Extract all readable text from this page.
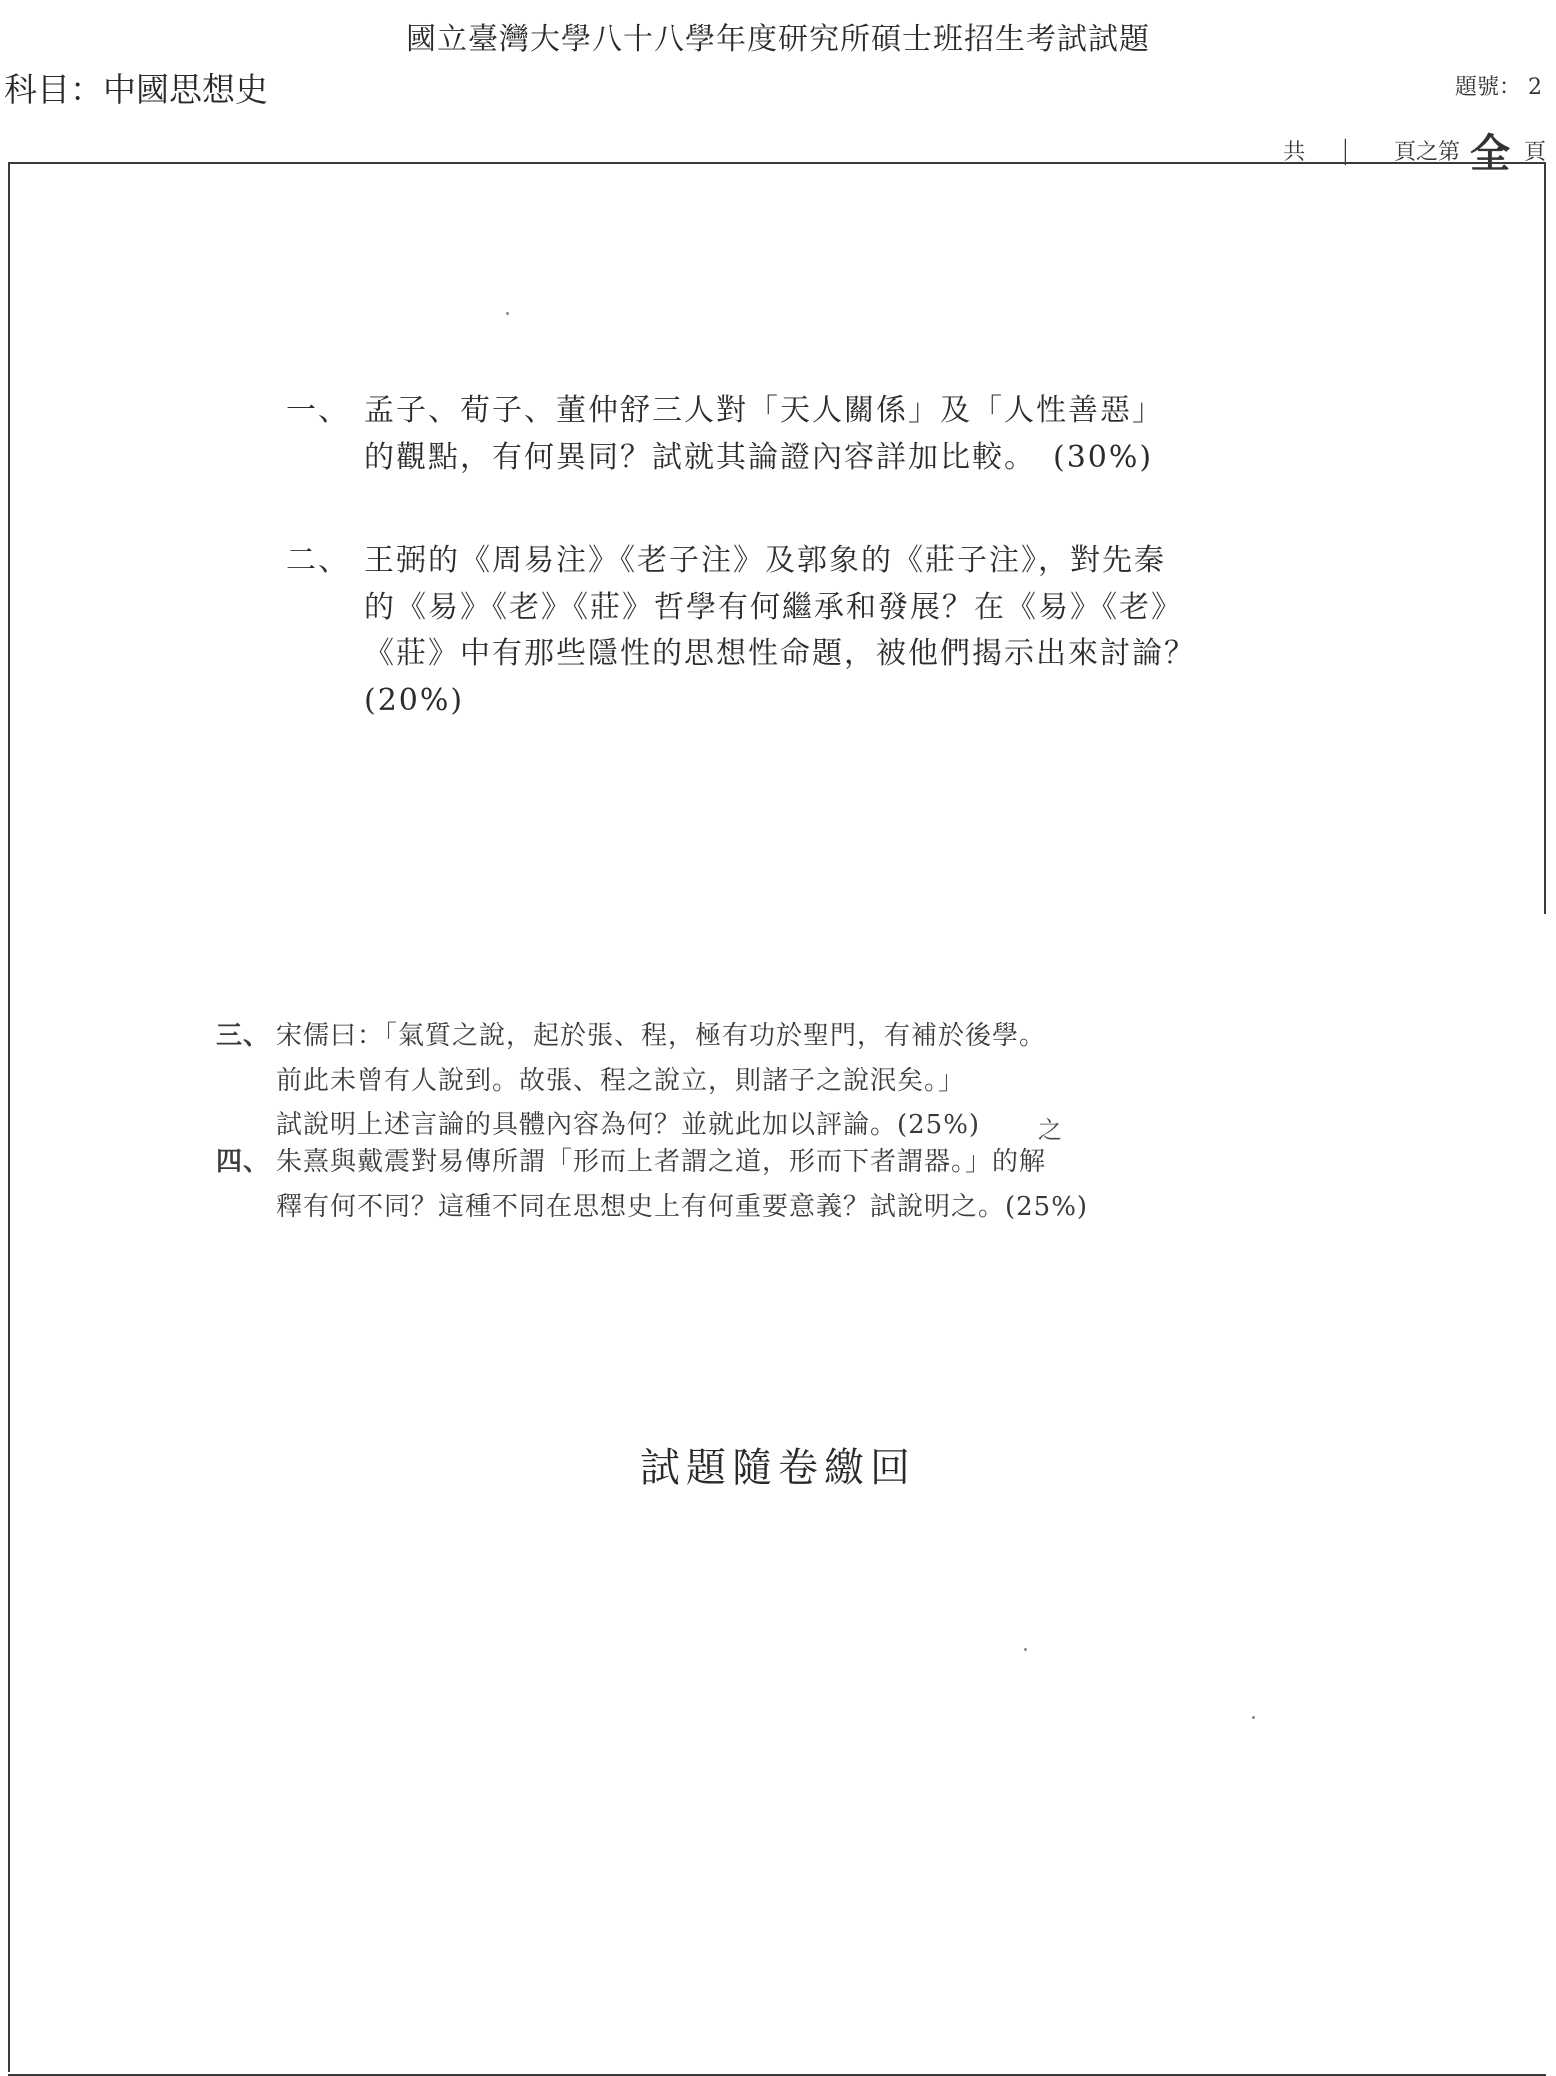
國立臺灣大學八十八學年度研究所碩士班招生考試試題
科目：中國思想史	題號： 2
共 | 頁之第 全 頁
一、 孟子、荀子、董仲舒三人對「天人關係」及「人性善惡」
的觀點，有何異同？試就其論證內容詳加比較。　(30%)
二、 王弼的《周易注》《老子注》及郭象的《莊子注》，對先秦
的《易》《老》《莊》哲學有何繼承和發展？在《易》《老》
《莊》中有那些隱性的思想性命題，被他們揭示出來討論？
(20%)
三、 宋儒曰：「氣質之說，起於張、程，極有功於聖門，有補於後學。
前此未曾有人說到。故張、程之說立，則諸子之說泯矣。」
試說明上述言論的具體內容為何？並就此加以評論。(25%)	之
四、 朱熹與戴震對易傳所謂「形而上者謂之道，形而下者謂器。」的解
釋有何不同？這種不同在思想史上有何重要意義？試說明之。(25%)
試題隨卷繳回
